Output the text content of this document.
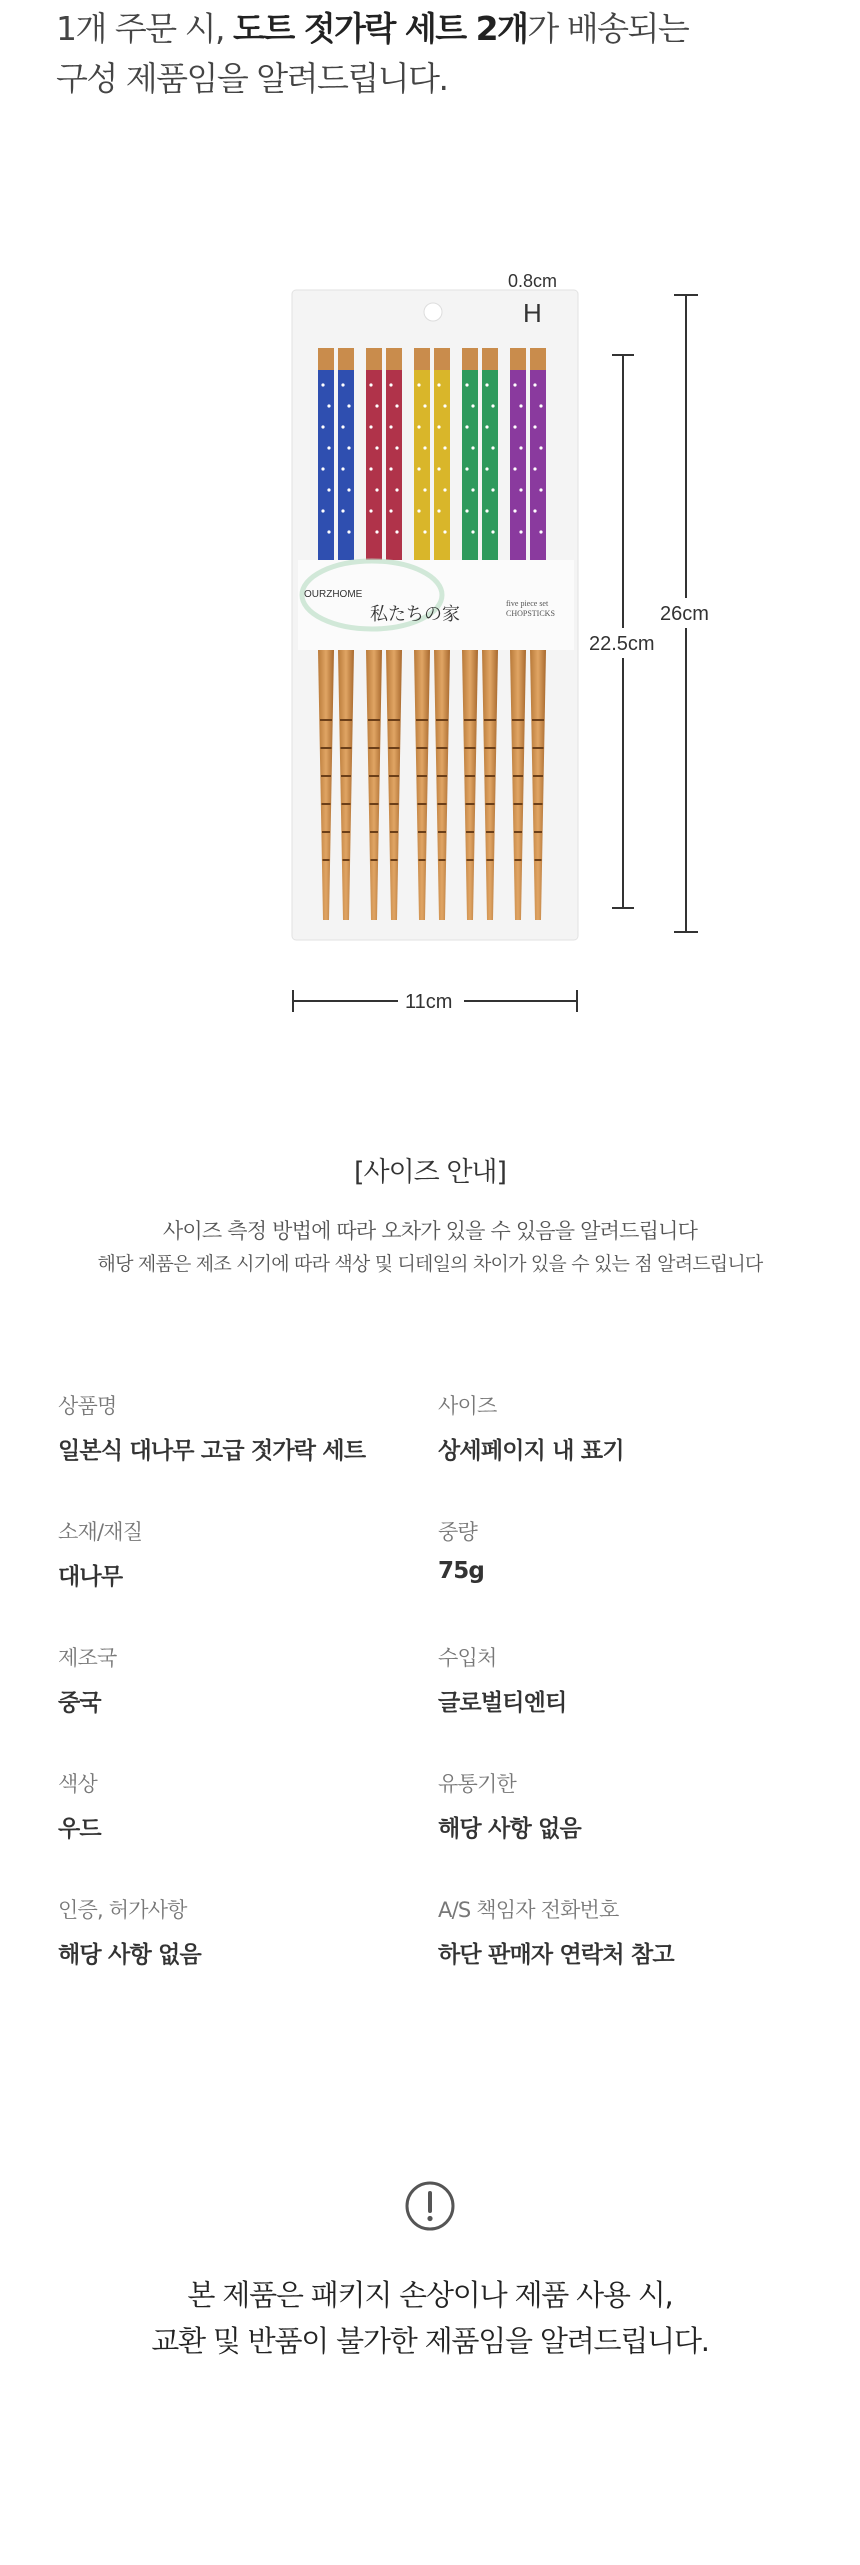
1개 주문 시, 도트 젓가락 세트 2개가 배송되는
구성 제품임을 알려드립니다.
OURZHOME
私たちの家
five piece set
CHOPSTICKS
0.8cm
H
22.5cm
26cm
11cm
[사이즈 안내]
사이즈 측정 방법에 따라 오차가 있을 수 있음을 알려드립니다
해당 제품은 제조 시기에 따라 색상 및 디테일의 차이가 있을 수 있는 점 알려드립니다
상품명
일본식 대나무 고급 젓가락 세트
사이즈
상세페이지 내 표기
소재/재질
대나무
중량
75g
제조국
중국
수입처
글로벌티엔티
색상
우드
유통기한
해당 사항 없음
인증, 허가사항
해당 사항 없음
A/S 책임자 전화번호
하단 판매자 연락처 참고
본 제품은 패키지 손상이나 제품 사용 시,
교환 및 반품이 불가한 제품임을 알려드립니다.
